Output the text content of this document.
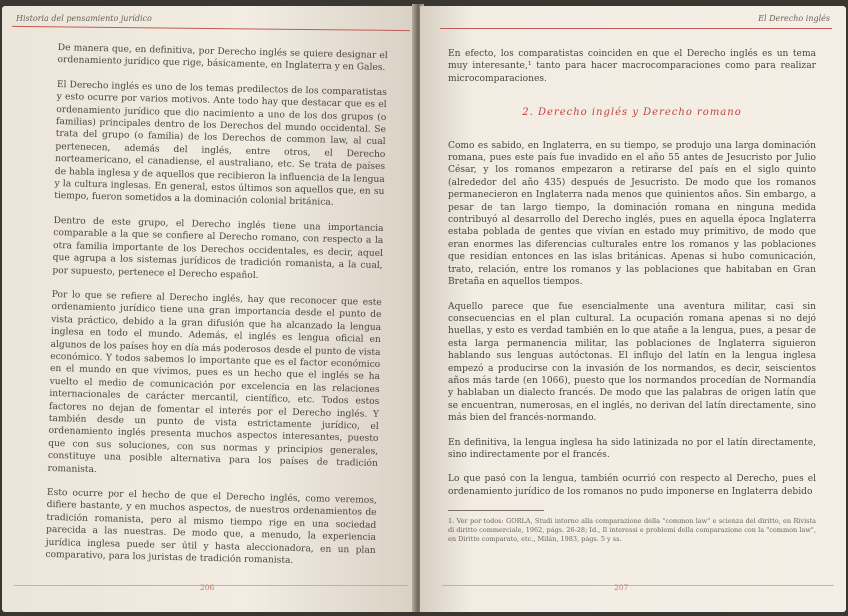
Historia del pensamiento jurídico

De manera que, en definitiva, por Derecho inglés se quiere designar el ordenamiento jurídico que rige, básicamente, en Inglaterra y en Gales.

El Derecho inglés es uno de los temas predilectos de los comparatistas y esto ocurre por varios motivos. Ante todo hay que destacar que es el ordenamiento jurídico que dio nacimiento a uno de los dos grupos (o familias) principales dentro de los Derechos del mundo occidental. Se trata del grupo (o familia) de los Derechos de common law, al cual pertenecen, además del inglés, entre otros, el Derecho norteamericano, el canadiense, el australiano, etc. Se trata de países de habla inglesa y de aquellos que recibieron la influencia de la lengua y la cultura inglesas. En general, estos últimos son aquellos que, en su tiempo, fueron sometidos a la dominación colonial británica.

Dentro de este grupo, el Derecho inglés tiene una importancia comparable a la que se confiere al Derecho romano, con respecto a la otra familia importante de los Derechos occidentales, es decir, aquel que agrupa a los sistemas jurídicos de tradición romanista, a la cual, por supuesto, pertenece el Derecho español.

Por lo que se refiere al Derecho inglés, hay que reconocer que este ordenamiento jurídico tiene una gran importancia desde el punto de vista práctico, debido a la gran difusión que ha alcanzado la lengua inglesa en todo el mundo. Además, el inglés es lengua oficial en algunos de los países hoy en día más poderosos desde el punto de vista económico. Y todos sabemos lo importante que es el factor económico en el mundo en que vivimos, pues es un hecho que el inglés se ha vuelto el medio de comunicación por excelencia en las relaciones internacionales de carácter mercantil, científico, etc. Todos estos factores no dejan de fomentar el interés por el Derecho inglés. Y también desde un punto de vista estrictamente jurídico, el ordenamiento inglés presenta muchos aspectos interesantes, puesto que con sus soluciones, con sus normas y principios generales, constituye una posible alternativa para los países de tradición romanista.

Esto ocurre por el hecho de que el Derecho inglés, como veremos, difiere bastante, y en muchos aspectos, de nuestros ordenamientos de tradición romanista, pero al mismo tiempo rige en una sociedad parecida a las nuestras. De modo que, a menudo, la experiencia jurídica inglesa puede ser útil y hasta aleccionadora, en un plan comparativo, para los juristas de tradición romanista.

206
El Derecho inglés

En efecto, los comparatistas coinciden en que el Derecho inglés es un tema muy interesante,¹ tanto para hacer macrocomparaciones como para realizar microcomparaciones.

2. Derecho inglés y Derecho romano

Como es sabido, en Inglaterra, en su tiempo, se produjo una larga dominación romana, pues este país fue invadido en el año 55 antes de Jesucristo por Julio César, y los romanos empezaron a retirarse del país en el siglo quinto (alrededor del año 435) después de Jesucristo. De modo que los romanos permanecieron en Inglaterra nada menos que quinientos años. Sin embargo, a pesar de tan largo tiempo, la dominación romana en ninguna medida contribuyó al desarrollo del Derecho inglés, pues en aquella época Inglaterra estaba poblada de gentes que vivían en estado muy primitivo, de modo que eran enormes las diferencias culturales entre los romanos y las poblaciones que residían entonces en las islas británicas. Apenas si hubo comunicación, trato, relación, entre los romanos y las poblaciones que habitaban en Gran Bretaña en aquellos tiempos.

Aquello parece que fue esencialmente una aventura militar, casi sin consecuencias en el plan cultural. La ocupación romana apenas si no dejó huellas, y esto es verdad también en lo que atañe a la lengua, pues, a pesar de esta larga permanencia militar, las poblaciones de Inglaterra siguieron hablando sus lenguas autóctonas. El influjo del latín en la lengua inglesa empezó a producirse con la invasión de los normandos, es decir, seiscientos años más tarde (en 1066), puesto que los normandos procedían de Normandía y hablaban un dialecto francés. De modo que las palabras de origen latín que se encuentran, numerosas, en el inglés, no derivan del latín directamente, sino más bien del francés-normando.

En definitiva, la lengua inglesa ha sido latinizada no por el latín directamente, sino indirectamente por el francés.

Lo que pasó con la lengua, también ocurrió con respecto al Derecho, pues el ordenamiento jurídico de los romanos no pudo imponerse en Inglaterra debido

1. Ver por todos: GORLA, Studi intorno alla comparazione della "common law" e scienza del diritto, en Rivista di diritto commerciale, 1962, págs. 26-28; Id., Il interessi e problemi della comparazione con la "common law", en Diritto comparato, etc., Milán, 1983, págs. 5 y ss.
207
